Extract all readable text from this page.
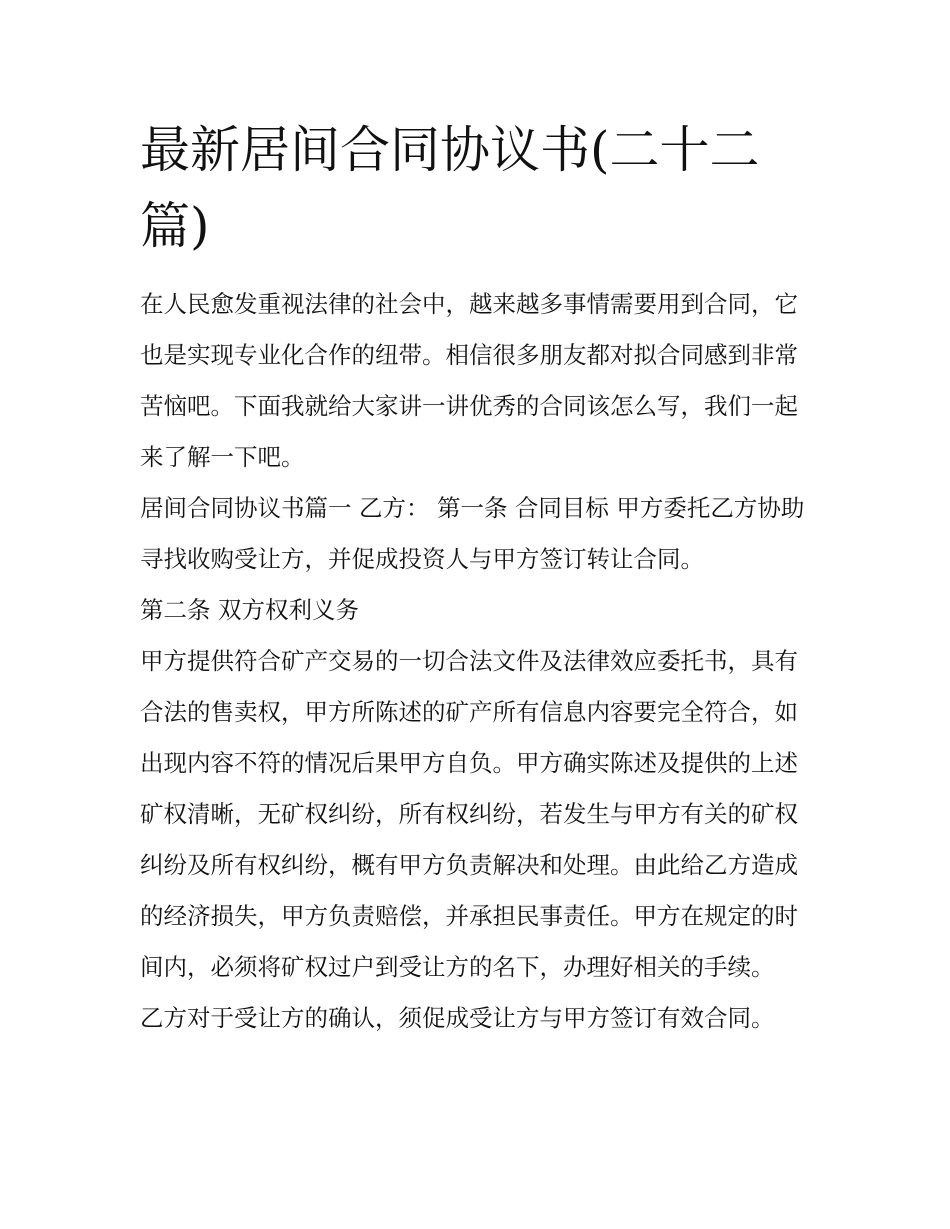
最新居间合同协议书(二十二篇)

在人民愈发重视法律的社会中，越来越多事情需要用到合同，它也是实现专业化合作的纽带。相信很多朋友都对拟合同感到非常苦恼吧。下面我就给大家讲一讲优秀的合同该怎么写，我们一起来了解一下吧。

居间合同协议书篇一 乙方： 第一条 合同目标 甲方委托乙方协助寻找收购受让方，并促成投资人与甲方签订转让合同。

第二条 双方权利义务

甲方提供符合矿产交易的一切合法文件及法律效应委托书，具有合法的售卖权，甲方所陈述的矿产所有信息内容要完全符合，如出现内容不符的情况后果甲方自负。甲方确实陈述及提供的上述矿权清晰，无矿权纠纷，所有权纠纷，若发生与甲方有关的矿权纠纷及所有权纠纷，概有甲方负责解决和处理。由此给乙方造成的经济损失，甲方负责赔偿，并承担民事责任。甲方在规定的时间内，必须将矿权过户到受让方的名下，办理好相关的手续。

乙方对于受让方的确认，须促成受让方与甲方签订有效合同。
